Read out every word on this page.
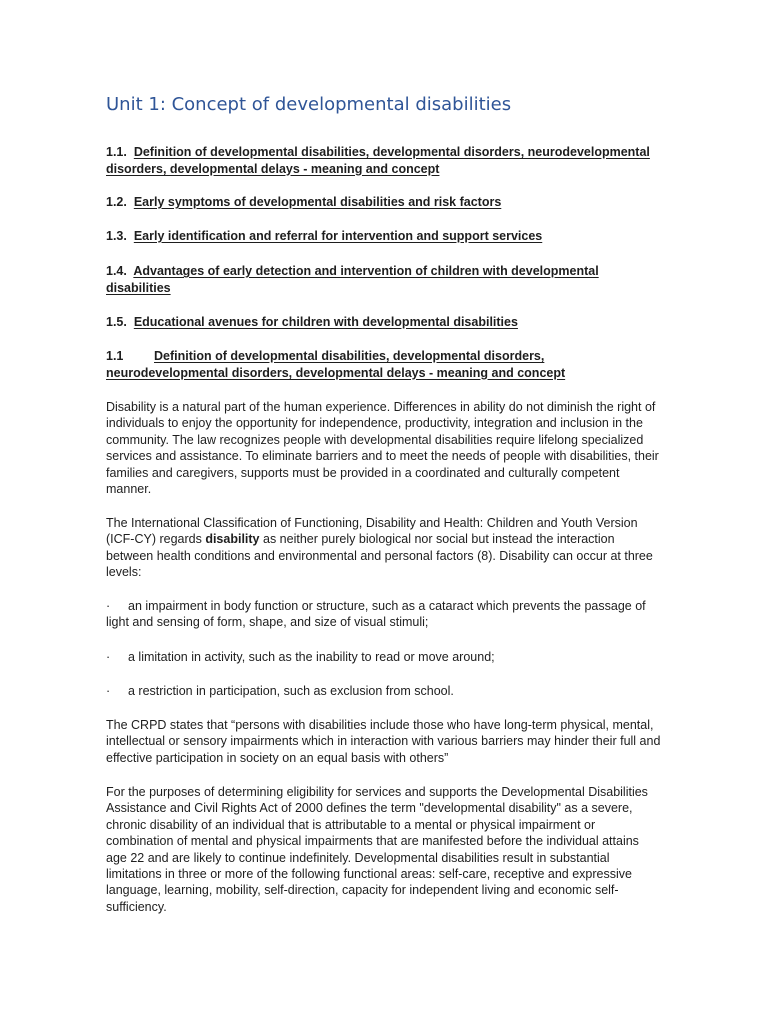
Unit 1: Concept of developmental disabilities
1.1. Definition of developmental disabilities, developmental disorders, neurodevelopmental disorders, developmental delays - meaning and concept
1.2. Early symptoms of developmental disabilities and risk factors
1.3. Early identification and referral for intervention and support services
1.4. Advantages of early detection and intervention of children with developmental disabilities
1.5. Educational avenues for children with developmental disabilities
1.1 Definition of developmental disabilities, developmental disorders, neurodevelopmental disorders, developmental delays - meaning and concept

Disability is a natural part of the human experience. Differences in ability do not diminish the right of individuals to enjoy the opportunity for independence, productivity, integration and inclusion in the community. The law recognizes people with developmental disabilities require lifelong specialized services and assistance. To eliminate barriers and to meet the needs of people with disabilities, their families and caregivers, supports must be provided in a coordinated and culturally competent manner.

The International Classification of Functioning, Disability and Health: Children and Youth Version (ICF-CY) regards disability as neither purely biological nor social but instead the interaction between health conditions and environmental and personal factors (8). Disability can occur at three levels:

· an impairment in body function or structure, such as a cataract which prevents the passage of light and sensing of form, shape, and size of visual stimuli;

· a limitation in activity, such as the inability to read or move around;

· a restriction in participation, such as exclusion from school.

The CRPD states that “persons with disabilities include those who have long-term physical, mental, intellectual or sensory impairments which in interaction with various barriers may hinder their full and effective participation in society on an equal basis with others”

For the purposes of determining eligibility for services and supports the Developmental Disabilities Assistance and Civil Rights Act of 2000 defines the term "developmental disability" as a severe, chronic disability of an individual that is attributable to a mental or physical impairment or combination of mental and physical impairments that are manifested before the individual attains age 22 and are likely to continue indefinitely. Developmental disabilities result in substantial limitations in three or more of the following functional areas: self-care, receptive and expressive language, learning, mobility, self-direction, capacity for independent living and economic self-sufficiency.
